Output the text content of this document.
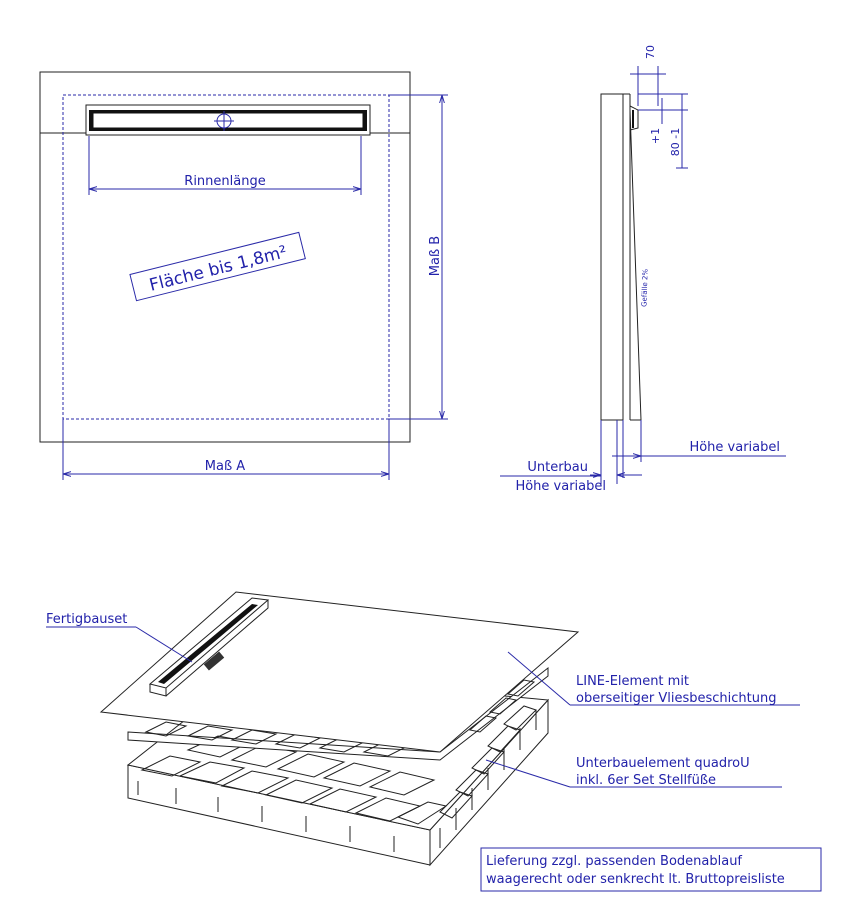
Rinnenlänge
Fläche bis 1,8m²	Maß B
Maß A
70
+1 80 -1
Gefälle 2%
Höhe variabel
Unterbau
Höhe variabel
Fertigbauset
LINE-Element mit
oberseitiger Vliesbeschichtung
Unterbauelement quadroU
inkl. 6er Set Stellfüße
Lieferung zzgl. passenden Bodenablauf
waagerecht oder senkrecht lt. Bruttopreisliste
